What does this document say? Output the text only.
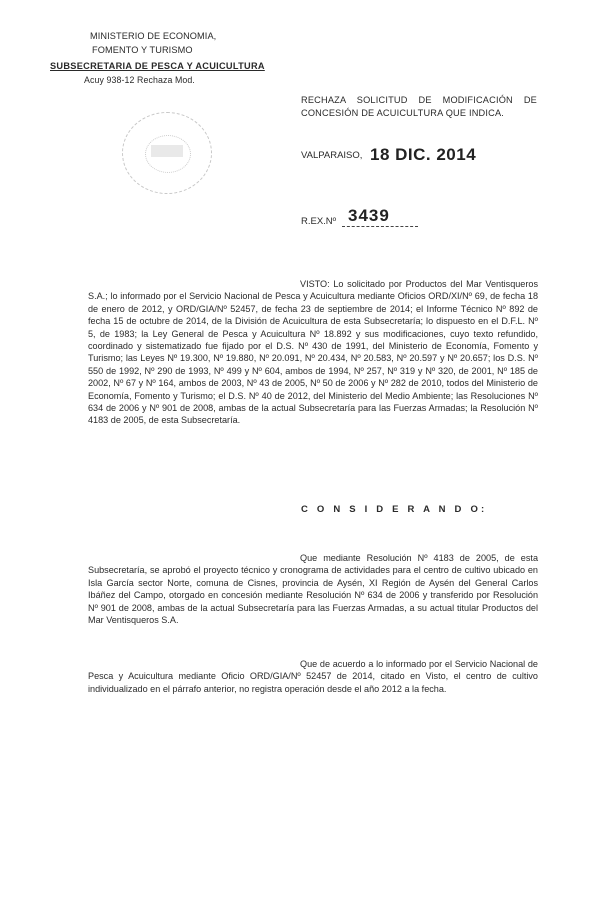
MINISTERIO DE ECONOMIA,
FOMENTO Y TURISMO
SUBSECRETARIA DE PESCA Y ACUICULTURA
Acuy 938-12 Rechaza Mod.
RECHAZA SOLICITUD DE MODIFICACIÓN DE CONCESIÓN DE ACUICULTURA QUE INDICA.
VALPARAISO, 18 DIC. 2014
R.EX.Nº 3439
VISTO: Lo solicitado por Productos del Mar Ventisqueros S.A.; lo informado por el Servicio Nacional de Pesca y Acuicultura mediante Oficios ORD/XI/Nº 69, de fecha 18 de enero de 2012, y ORD/GIA/Nº 52457, de fecha 23 de septiembre de 2014; el Informe Técnico Nº 892 de fecha 15 de octubre de 2014, de la División de Acuicultura de esta Subsecretaría; lo dispuesto en el D.F.L. Nº 5, de 1983; la Ley General de Pesca y Acuicultura Nº 18.892 y sus modificaciones, cuyo texto refundido, coordinado y sistematizado fue fijado por el D.S. Nº 430 de 1991, del Ministerio de Economía, Fomento y Turismo; las Leyes Nº 19.300, Nº 19.880, Nº 20.091, Nº 20.434, Nº 20.583, Nº 20.597 y Nº 20.657; los D.S. Nº 550 de 1992, Nº 290 de 1993, Nº 499 y Nº 604, ambos de 1994, Nº 257, Nº 319 y Nº 320, de 2001, Nº 185 de 2002, Nº 67 y Nº 164, ambos de 2003, Nº 43 de 2005, Nº 50 de 2006 y Nº 282 de 2010, todos del Ministerio de Economía, Fomento y Turismo; el D.S. Nº 40 de 2012, del Ministerio del Medio Ambiente; las Resoluciones Nº 634 de 2006 y Nº 901 de 2008, ambas de la actual Subsecretaría para las Fuerzas Armadas; la Resolución Nº 4183 de 2005, de esta Subsecretaría.
C O N S I D E R A N D O:
Que mediante Resolución Nº 4183 de 2005, de esta Subsecretaría, se aprobó el proyecto técnico y cronograma de actividades para el centro de cultivo ubicado en Isla García sector Norte, comuna de Cisnes, provincia de Aysén, XI Región de Aysén del General Carlos Ibáñez del Campo, otorgado en concesión mediante Resolución Nº 634 de 2006 y transferido por Resolución Nº 901 de 2008, ambas de la actual Subsecretaría para las Fuerzas Armadas, a su actual titular Productos del Mar Ventisqueros S.A.
Que de acuerdo a lo informado por el Servicio Nacional de Pesca y Acuicultura mediante Oficio ORD/GIA/Nº 52457 de 2014, citado en Visto, el centro de cultivo individualizado en el párrafo anterior, no registra operación desde el año 2012 a la fecha.
